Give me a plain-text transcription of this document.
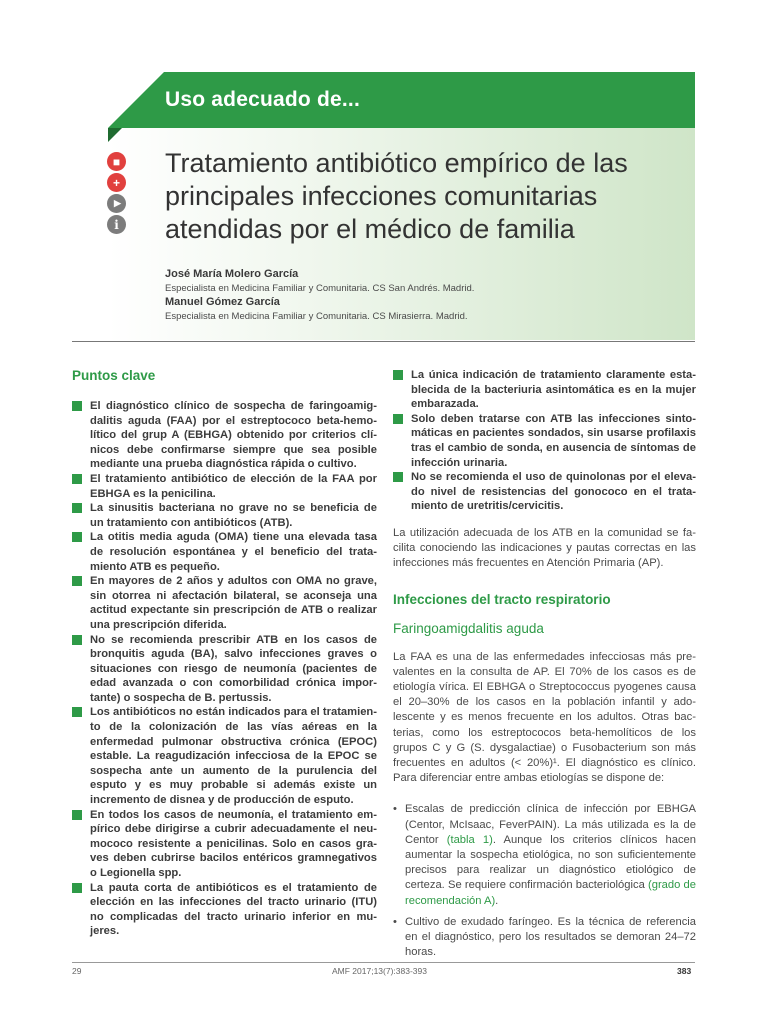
Uso adecuado de...
■
+
▶
i
Tratamiento antibiótico empírico de las principales infecciones comunitarias atendidas por el médico de familia
José María Molero García
Especialista en Medicina Familiar y Comunitaria. CS San Andrés. Madrid.
Manuel Gómez García
Especialista en Medicina Familiar y Comunitaria. CS Mirasierra. Madrid.
Puntos clave
El diagnóstico clínico de sospecha de faringoamigdalitis aguda (FAA) por el estreptococo beta-hemolítico del grup A (EBHGA) obtenido por criterios clínicos debe confirmarse siempre que sea posible mediante una prueba diagnóstica rápida o cultivo.
El tratamiento antibiótico de elección de la FAA por EBHGA es la penicilina.
La sinusitis bacteriana no grave no se beneficia de un tratamiento con antibióticos (ATB).
La otitis media aguda (OMA) tiene una elevada tasa de resolución espontánea y el beneficio del tratamiento ATB es pequeño.
En mayores de 2 años y adultos con OMA no grave, sin otorrea ni afectación bilateral, se aconseja una actitud expectante sin prescripción de ATB o realizar una prescripción diferida.
No se recomienda prescribir ATB en los casos de bronquitis aguda (BA), salvo infecciones graves o situaciones con riesgo de neumonía (pacientes de edad avanzada o con comorbilidad crónica importante) o sospecha de B. pertussis.
Los antibióticos no están indicados para el tratamiento de la colonización de las vías aéreas en la enfermedad pulmonar obstructiva crónica (EPOC) estable. La reagudización infecciosa de la EPOC se sospecha ante un aumento de la purulencia del esputo y es muy probable si además existe un incremento de disnea y de producción de esputo.
En todos los casos de neumonía, el tratamiento empírico debe dirigirse a cubrir adecuadamente el neumococo resistente a penicilinas. Solo en casos graves deben cubrirse bacilos entéricos gramnegativos o Legionella spp.
La pauta corta de antibióticos es el tratamiento de elección en las infecciones del tracto urinario (ITU) no complicadas del tracto urinario inferior en mujeres.
La única indicación de tratamiento claramente establecida de la bacteriuria asintomática es en la mujer embarazada.
Solo deben tratarse con ATB las infecciones sintomáticas en pacientes sondados, sin usarse profilaxis tras el cambio de sonda, en ausencia de síntomas de infección urinaria.
No se recomienda el uso de quinolonas por el elevado nivel de resistencias del gonococo en el tratamiento de uretritis/cervicitis.

La utilización adecuada de los ATB en la comunidad se facilita conociendo las indicaciones y pautas correctas en las infecciones más frecuentes en Atención Primaria (AP).

Infecciones del tracto respiratorio
Faringoamigdalitis aguda

La FAA es una de las enfermedades infecciosas más prevalentes en la consulta de AP. El 70% de los casos es de etiología vírica. El EBHGA o Streptococcus pyogenes causa el 20–30% de los casos en la población infantil y adolescente y es menos frecuente en los adultos. Otras bacterias, como los estreptococos beta-hemolíticos de los grupos C y G (S. dysgalactiae) o Fusobacterium son más frecuentes en adultos (< 20%)¹. El diagnóstico es clínico. Para diferenciar entre ambas etiologías se dispone de:

• Escalas de predicción clínica de infección por EBHGA (Centor, McIsaac, FeverPAIN). La más utilizada es la de Centor (tabla 1). Aunque los criterios clínicos hacen aumentar la sospecha etiológica, no son suficientemente precisos para realizar un diagnóstico etiológico de certeza. Se requiere confirmación bacteriológica (grado de recomendación A).
• Cultivo de exudado faríngeo. Es la técnica de referencia en el diagnóstico, pero los resultados se demoran 24–72 horas.
29	AMF 2017;13(7):383-393	383
